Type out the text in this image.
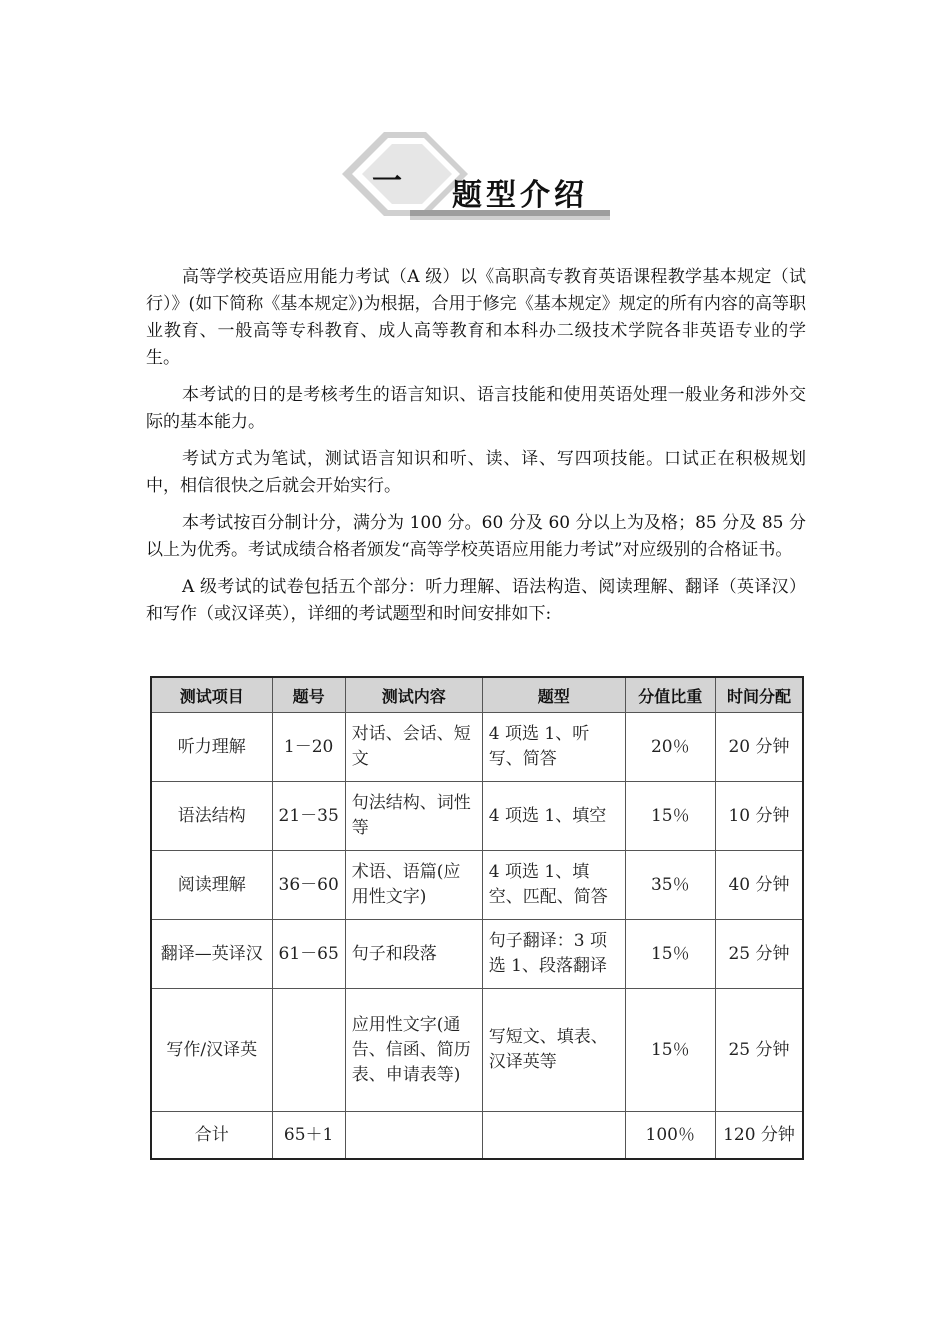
一	题型介绍

高等学校英语应用能力考试（A 级）以《高职高专教育英语课程教学基本规定（试行）》(如下简称《基本规定》)为根据，合用于修完《基本规定》规定的所有内容的高等职业教育、一般高等专科教育、成人高等教育和本科办二级技术学院各非英语专业的学生。

本考试的日的是考核考生的语言知识、语言技能和使用英语处理一般业务和涉外交际的基本能力。

考试方式为笔试，测试语言知识和听、读、译、写四项技能。口试正在积极规划中，相信很快之后就会开始实行。

本考试按百分制计分，满分为 100 分。60 分及 60 分以上为及格；85 分及 85 分以上为优秀。考试成绩合格者颁发“高等学校英语应用能力考试”对应级别的合格证书。

A 级考试的试卷包括五个部分：听力理解、语法构造、阅读理解、翻译（英译汉）和写作（或汉译英），详细的考试题型和时间安排如下:

测试项目	题号	测试内容	题型	分值比重	时间分配
听力理解	1－20	对话、会话、短文	4 项选 1、听写、简答	20％	20 分钟
语法结构	21－35	句法结构、词性等	4 项选 1、填空	15％	10 分钟
阅读理解	36－60	术语、语篇(应用性文字)	4 项选 1、填空、匹配、简答	35％	40 分钟
翻译—英译汉	61－65	句子和段落	句子翻译：3 项选 1、段落翻译	15％	25 分钟
写作/汉译英		应用性文字(通告、信函、简历表、申请表等)	写短文、填表、汉译英等	15％	25 分钟
合计	65＋1			100％	120 分钟
